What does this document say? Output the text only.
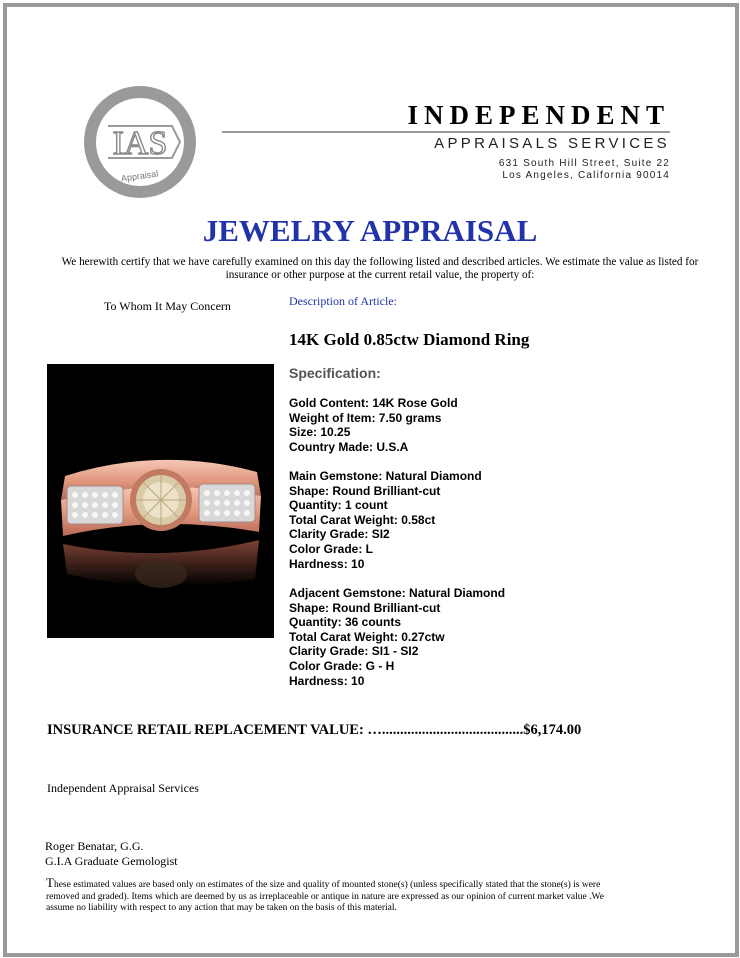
IAS
Appraisal
INDEPENDENT
APPRAISALS SERVICES
631 South Hill Street, Suite 22
Los Angeles, California 90014
JEWELRY APPRAISAL
We herewith certify that we have carefully examined on this day the following listed and described articles. We estimate the value as listed for insurance or other purpose at the current retail value, the property of:
To Whom It May Concern	Description of Article:
14K Gold 0.85ctw Diamond Ring
Specification:
Gold Content: 14K Rose Gold
Weight of Item: 7.50 grams
Size: 10.25
Country Made: U.S.A
Main Gemstone: Natural Diamond
Shape: Round Brilliant-cut
Quantity: 1 count
Total Carat Weight: 0.58ct
Clarity Grade: SI2
Color Grade: L
Hardness: 10
Adjacent Gemstone: Natural Diamond
Shape: Round Brilliant-cut
Quantity: 36 counts
Total Carat Weight: 0.27ctw
Clarity Grade: SI1 - SI2
Color Grade: G - H
Hardness: 10
INSURANCE RETAIL REPLACEMENT VALUE: ….......................................$6,174.00
Independent Appraisal Services
Roger Benatar, G.G.
G.I.A Graduate Gemologist
These estimated values are based only on estimates of the size and quality of mounted stone(s) (unless specifically stated that the stone(s) is were removed and graded). Items which are deemed by us as irreplaceable or antique in nature are expressed as our opinion of current market value .We assume no liability with respect to any action that may be taken on the basis of this material.
